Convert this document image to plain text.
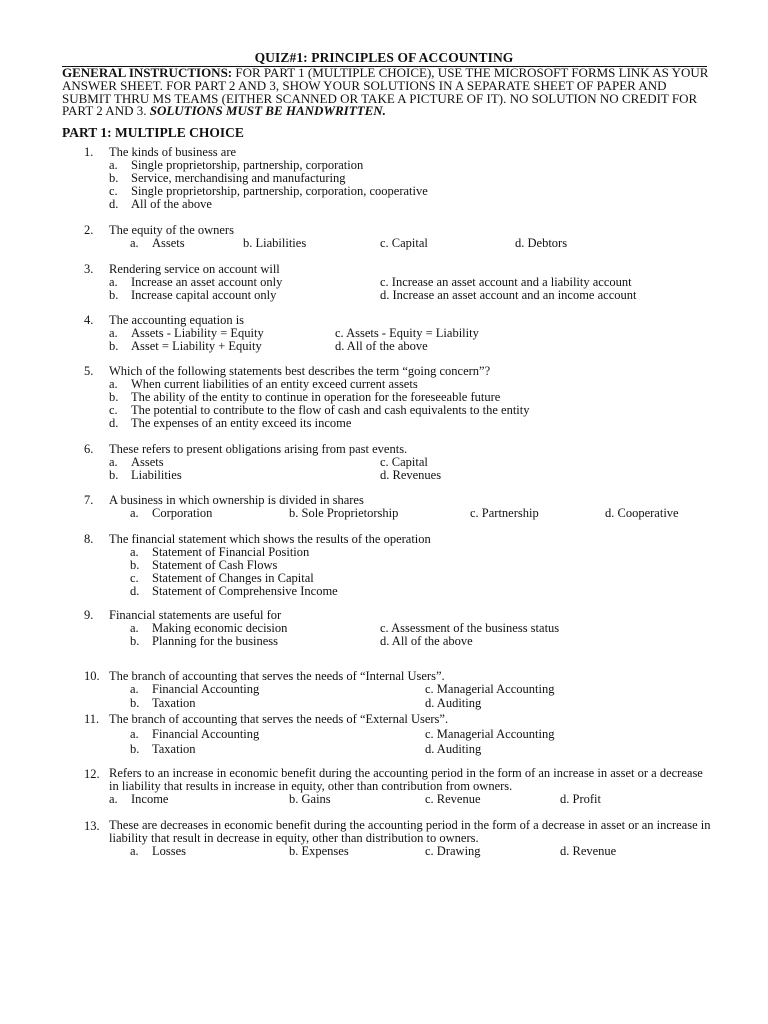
QUIZ#1: PRINCIPLES OF ACCOUNTING
GENERAL INSTRUCTIONS: FOR PART 1 (MULTIPLE CHOICE), USE THE MICROSOFT FORMS LINK AS YOUR ANSWER SHEET. FOR PART 2 AND 3, SHOW YOUR SOLUTIONS IN A SEPARATE SHEET OF PAPER AND SUBMIT THRU MS TEAMS (EITHER SCANNED OR TAKE A PICTURE OF IT). NO SOLUTION NO CREDIT FOR PART 2 AND 3. SOLUTIONS MUST BE HANDWRITTEN.
PART 1: MULTIPLE CHOICE
1. The kinds of business are
a. Single proprietorship, partnership, corporation
b. Service, merchandising and manufacturing
c. Single proprietorship, partnership, corporation, cooperative
d. All of the above
2. The equity of the owners
a. Assets	b. Liabilities	c. Capital	d. Debtors
3. Rendering service on account will
a. Increase an asset account only	c. Increase an asset account and a liability account
b. Increase capital account only	d. Increase an asset account and an income account
4. The accounting equation is
a. Assets - Liability = Equity	c. Assets - Equity = Liability
b. Asset = Liability + Equity	d. All of the above
5. Which of the following statements best describes the term “going concern”?
a. When current liabilities of an entity exceed current assets
b. The ability of the entity to continue in operation for the foreseeable future
c. The potential to contribute to the flow of cash and cash equivalents to the entity
d. The expenses of an entity exceed its income
6. These refers to present obligations arising from past events.
a. Assets	c. Capital
b. Liabilities	d. Revenues
7. A business in which ownership is divided in shares
a. Corporation	b. Sole Proprietorship	c. Partnership	d. Cooperative
8. The financial statement which shows the results of the operation
a. Statement of Financial Position
b. Statement of Cash Flows
c. Statement of Changes in Capital
d. Statement of Comprehensive Income
9. Financial statements are useful for
a. Making economic decision	c. Assessment of the business status
b. Planning for the business	d. All of the above
10. The branch of accounting that serves the needs of “Internal Users”.
a. Financial Accounting	c. Managerial Accounting
b. Taxation	d. Auditing
11. The branch of accounting that serves the needs of “External Users”.
a. Financial Accounting	c. Managerial Accounting
b. Taxation	d. Auditing
12. Refers to an increase in economic benefit during the accounting period in the form of an increase in asset or a decrease in liability that results in increase in equity, other than contribution from owners.
a. Income	b. Gains	c. Revenue	d. Profit
13. These are decreases in economic benefit during the accounting period in the form of a decrease in asset or an increase in liability that result in decrease in equity, other than distribution to owners.
a. Losses	b. Expenses	c. Drawing	d. Revenue
